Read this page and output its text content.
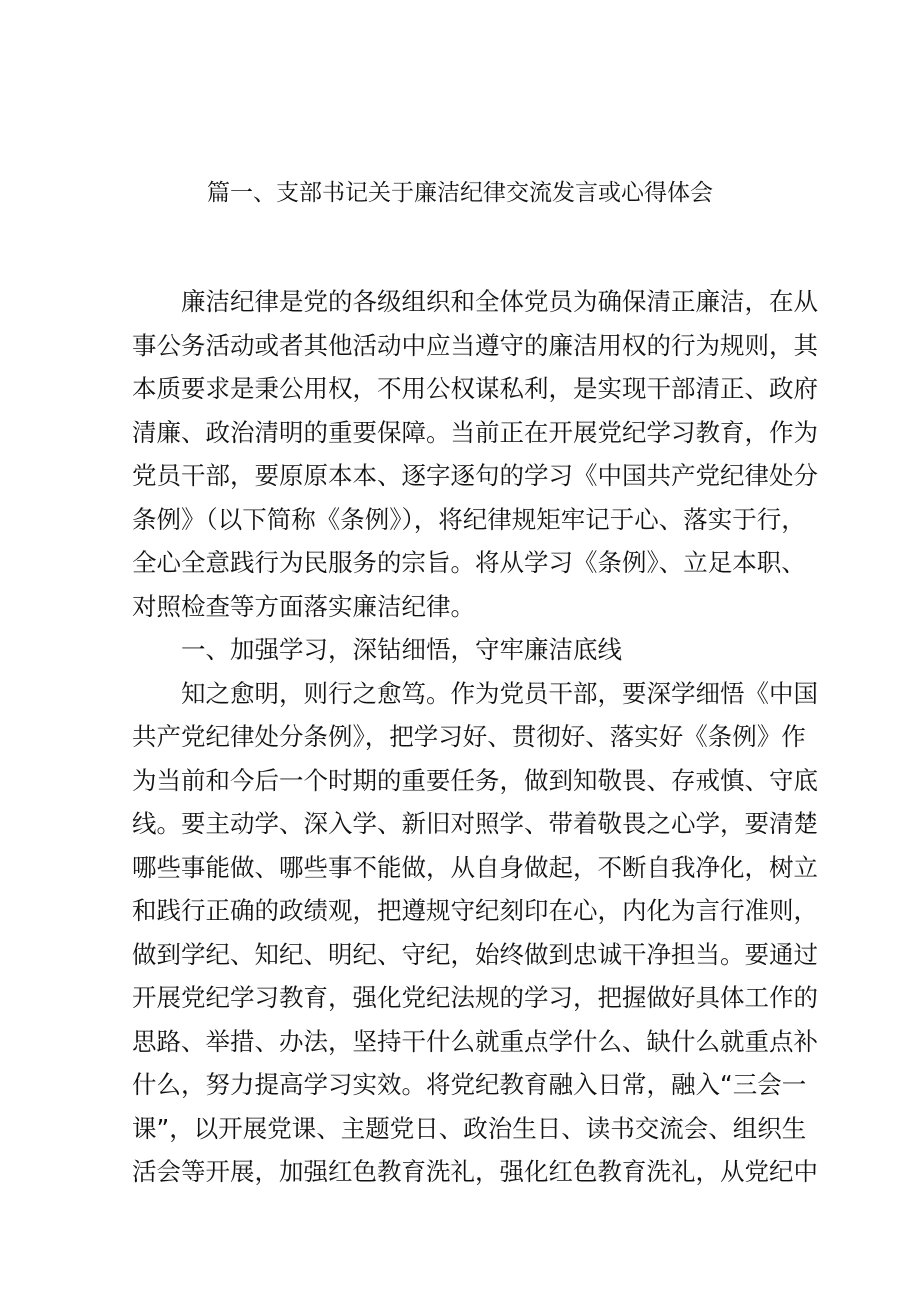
篇一、支部书记关于廉洁纪律交流发言或心得体会
廉洁纪律是党的各级组织和全体党员为确保清正廉洁，在从
事公务活动或者其他活动中应当遵守的廉洁用权的行为规则，其
本质要求是秉公用权，不用公权谋私利，是实现干部清正、政府
清廉、政治清明的重要保障。当前正在开展党纪学习教育，作为
党员干部，要原原本本、逐字逐句的学习《中国共产党纪律处分
条例》（以下简称《条例》），将纪律规矩牢记于心、落实于行，
全心全意践行为民服务的宗旨。将从学习《条例》、立足本职、
对照检查等方面落实廉洁纪律。
一、加强学习，深钻细悟，守牢廉洁底线
知之愈明，则行之愈笃。作为党员干部，要深学细悟《中国
共产党纪律处分条例》，把学习好、贯彻好、落实好《条例》作
为当前和今后一个时期的重要任务，做到知敬畏、存戒慎、守底
线。要主动学、深入学、新旧对照学、带着敬畏之心学，要清楚
哪些事能做、哪些事不能做，从自身做起，不断自我净化，树立
和践行正确的政绩观，把遵规守纪刻印在心，内化为言行准则，
做到学纪、知纪、明纪、守纪，始终做到忠诚干净担当。要通过
开展党纪学习教育，强化党纪法规的学习，把握做好具体工作的
思路、举措、办法，坚持干什么就重点学什么、缺什么就重点补
什么，努力提高学习实效。将党纪教育融入日常，融入“三会一
课”，以开展党课、主题党日、政治生日、读书交流会、组织生
活会等开展，加强红色教育洗礼，强化红色教育洗礼，从党纪中
